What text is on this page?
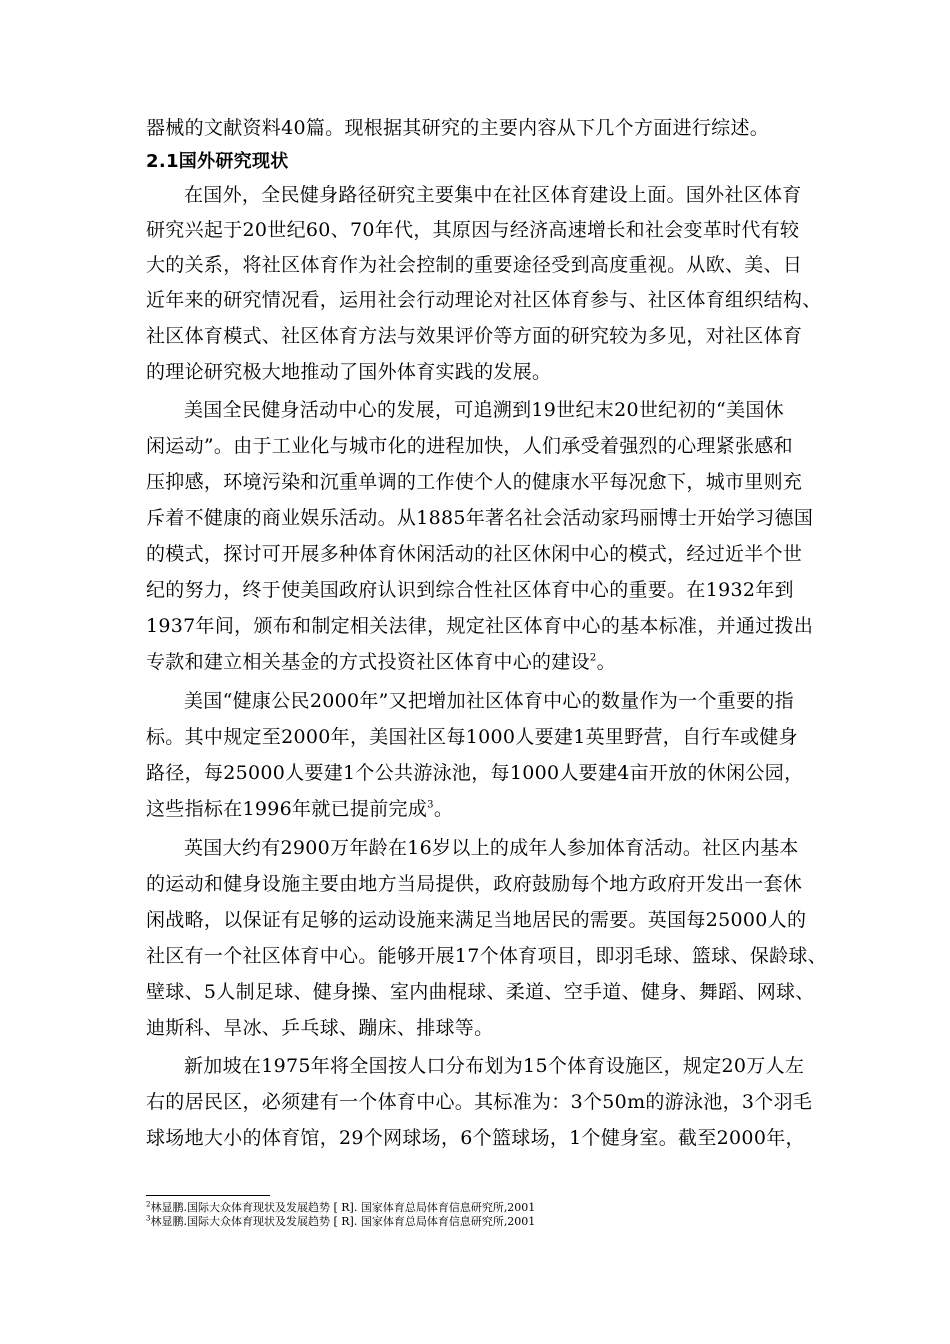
器械的文献资料40篇。现根据其研究的主要内容从下几个方面进行综述。
2.1国外研究现状
在国外，全民健身路径研究主要集中在社区体育建设上面。国外社区体育
研究兴起于20世纪60、70年代，其原因与经济高速增长和社会变革时代有较
大的关系，将社区体育作为社会控制的重要途径受到高度重视。从欧、美、日
近年来的研究情况看，运用社会行动理论对社区体育参与、社区体育组织结构、
社区体育模式、社区体育方法与效果评价等方面的研究较为多见，对社区体育
的理论研究极大地推动了国外体育实践的发展。
美国全民健身活动中心的发展，可追溯到19世纪末20世纪初的“美国休
闲运动”。由于工业化与城市化的进程加快，人们承受着强烈的心理紧张感和
压抑感，环境污染和沉重单调的工作使个人的健康水平每况愈下，城市里则充
斥着不健康的商业娱乐活动。从1885年著名社会活动家玛丽博士开始学习德国
的模式，探讨可开展多种体育休闲活动的社区休闲中心的模式，经过近半个世
纪的努力，终于使美国政府认识到综合性社区体育中心的重要。在1932年到
1937年间，颁布和制定相关法律，规定社区体育中心的基本标准，并通过拨出
专款和建立相关基金的方式投资社区体育中心的建设$^2$。
美国“健康公民2000年”又把增加社区体育中心的数量作为一个重要的指
标。其中规定至2000年，美国社区每1000人要建1英里野营，自行车或健身
路径，每25000人要建1个公共游泳池，每1000人要建4亩开放的休闲公园，
这些指标在1996年就已提前完成$^3$。
英国大约有2900万年龄在16岁以上的成年人参加体育活动。社区内基本
的运动和健身设施主要由地方当局提供，政府鼓励每个地方政府开发出一套休
闲战略，以保证有足够的运动设施来满足当地居民的需要。英国每25000人的
社区有一个社区体育中心。能够开展17个体育项目，即羽毛球、篮球、保龄球、
壁球、5人制足球、健身操、室内曲棍球、柔道、空手道、健身、舞蹈、网球、
迪斯科、旱冰、乒乓球、蹦床、排球等。
新加坡在1975年将全国按人口分布划为15个体育设施区，规定20万人左
右的居民区，必须建有一个体育中心。其标准为：3个50m的游泳池，3个羽毛
球场地大小的体育馆，29个网球场，6个篮球场，1个健身室。截至2000年，
$^2$林显鹏.国际大众体育现状及发展趋势 [ R]. 国家体育总局体育信息研究所,2001
$^3$林显鹏.国际大众体育现状及发展趋势 [ R]. 国家体育总局体育信息研究所,2001
